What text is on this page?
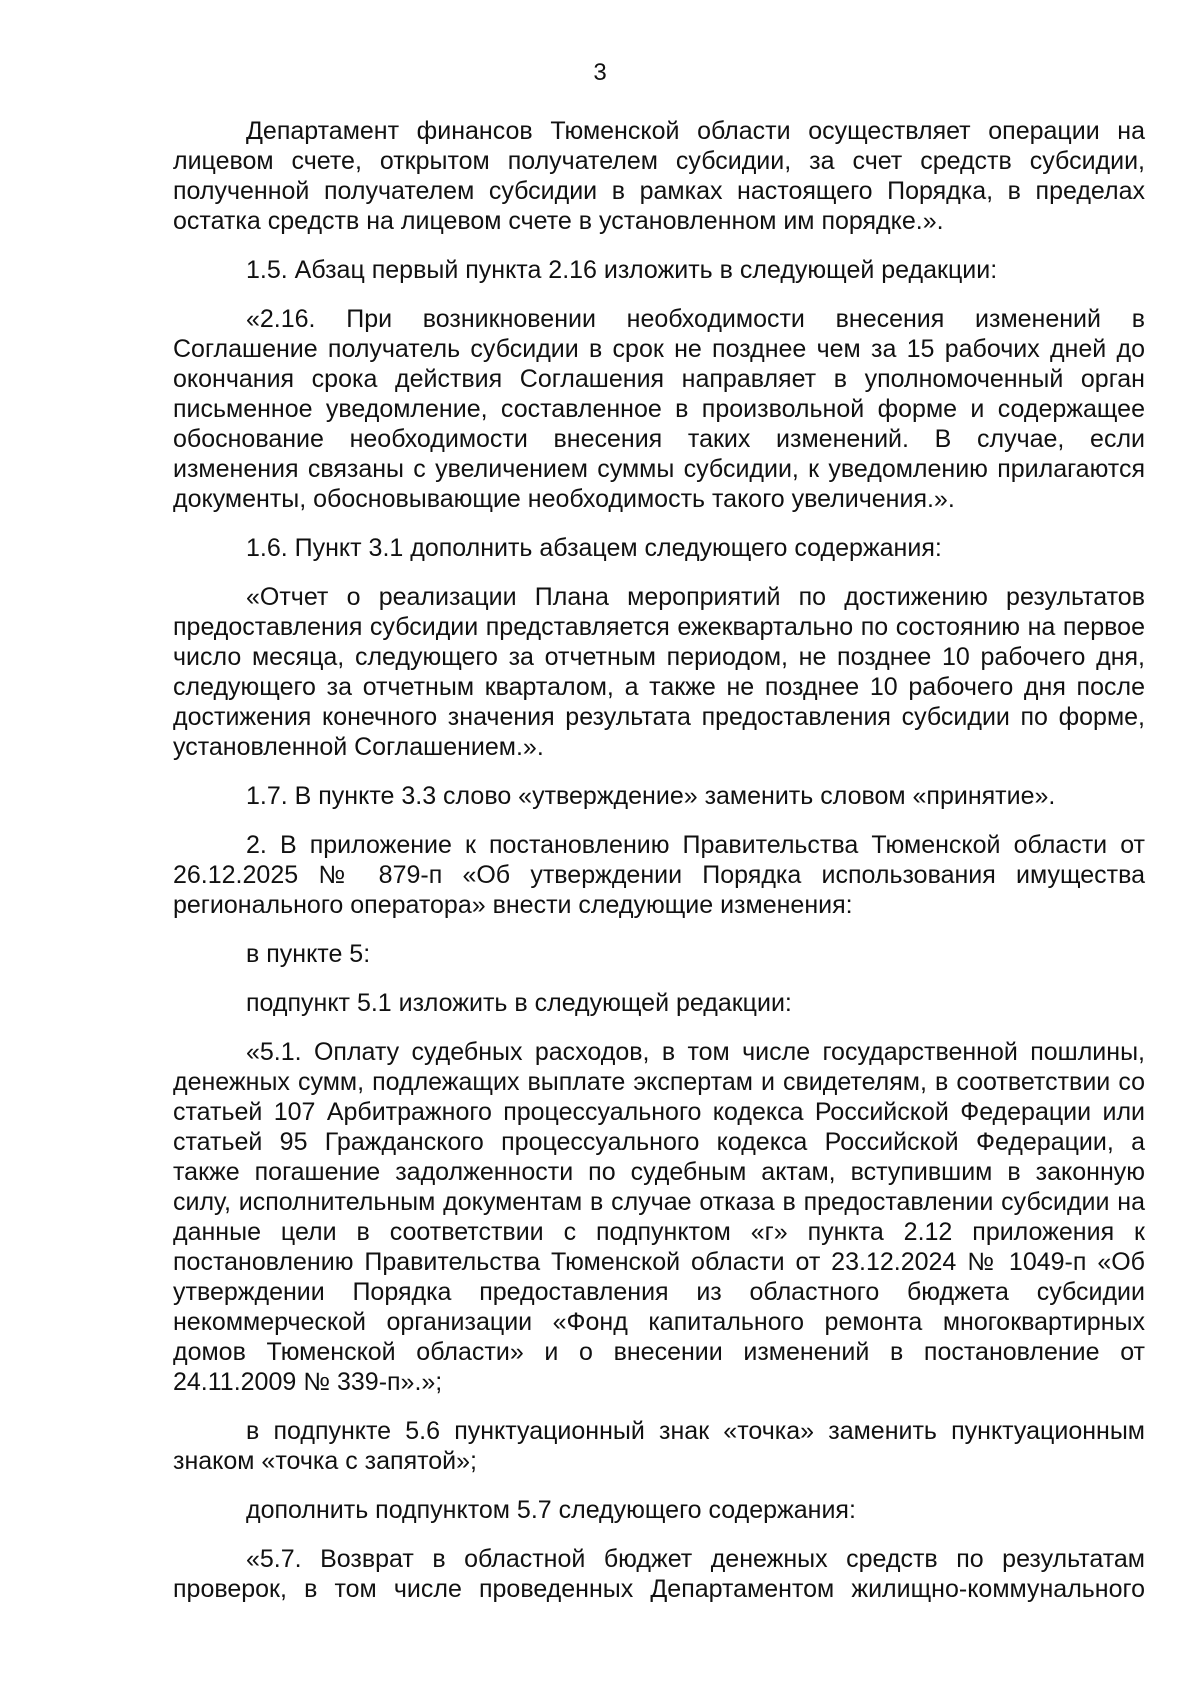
3

Департамент финансов Тюменской области осуществляет операции на лицевом счете, открытом получателем субсидии, за счет средств субсидии, полученной получателем субсидии в рамках настоящего Порядка, в пределах остатка средств на лицевом счете в установленном им порядке.».

1.5. Абзац первый пункта 2.16 изложить в следующей редакции:

«2.16. При возникновении необходимости внесения изменений в Соглашение получатель субсидии в срок не позднее чем за 15 рабочих дней до окончания срока действия Соглашения направляет в уполномоченный орган письменное уведомление, составленное в произвольной форме и содержащее обоснование необходимости внесения таких изменений. В случае, если изменения связаны с увеличением суммы субсидии, к уведомлению прилагаются документы, обосновывающие необходимость такого увеличения.».

1.6. Пункт 3.1 дополнить абзацем следующего содержания:

«Отчет о реализации Плана мероприятий по достижению результатов предоставления субсидии представляется ежеквартально по состоянию на первое число месяца, следующего за отчетным периодом, не позднее 10 рабочего дня, следующего за отчетным кварталом, а также не позднее 10 рабочего дня после достижения конечного значения результата предоставления субсидии по форме, установленной Соглашением.».

1.7. В пункте 3.3 слово «утверждение» заменить словом «принятие».

2. В приложение к постановлению Правительства Тюменской области от 26.12.2025 № 879-п «Об утверждении Порядка использования имущества регионального оператора» внести следующие изменения:

в пункте 5:

подпункт 5.1 изложить в следующей редакции:

«5.1. Оплату судебных расходов, в том числе государственной пошлины, денежных сумм, подлежащих выплате экспертам и свидетелям, в соответствии со статьей 107 Арбитражного процессуального кодекса Российской Федерации или статьей 95 Гражданского процессуального кодекса Российской Федерации, а также погашение задолженности по судебным актам, вступившим в законную силу, исполнительным документам в случае отказа в предоставлении субсидии на данные цели в соответствии с подпунктом «г» пункта 2.12 приложения к постановлению Правительства Тюменской области от 23.12.2024 № 1049-п «Об утверждении Порядка предоставления из областного бюджета субсидии некоммерческой организации «Фонд капитального ремонта многоквартирных домов Тюменской области» и о внесении изменений в постановление от 24.11.2009 № 339-п».»;

в подпункте 5.6 пунктуационный знак «точка» заменить пунктуационным знаком «точка с запятой»;

дополнить подпунктом 5.7 следующего содержания:

«5.7. Возврат в областной бюджет денежных средств по результатам проверок, в том числе проведенных Департаментом жилищно-коммунального
